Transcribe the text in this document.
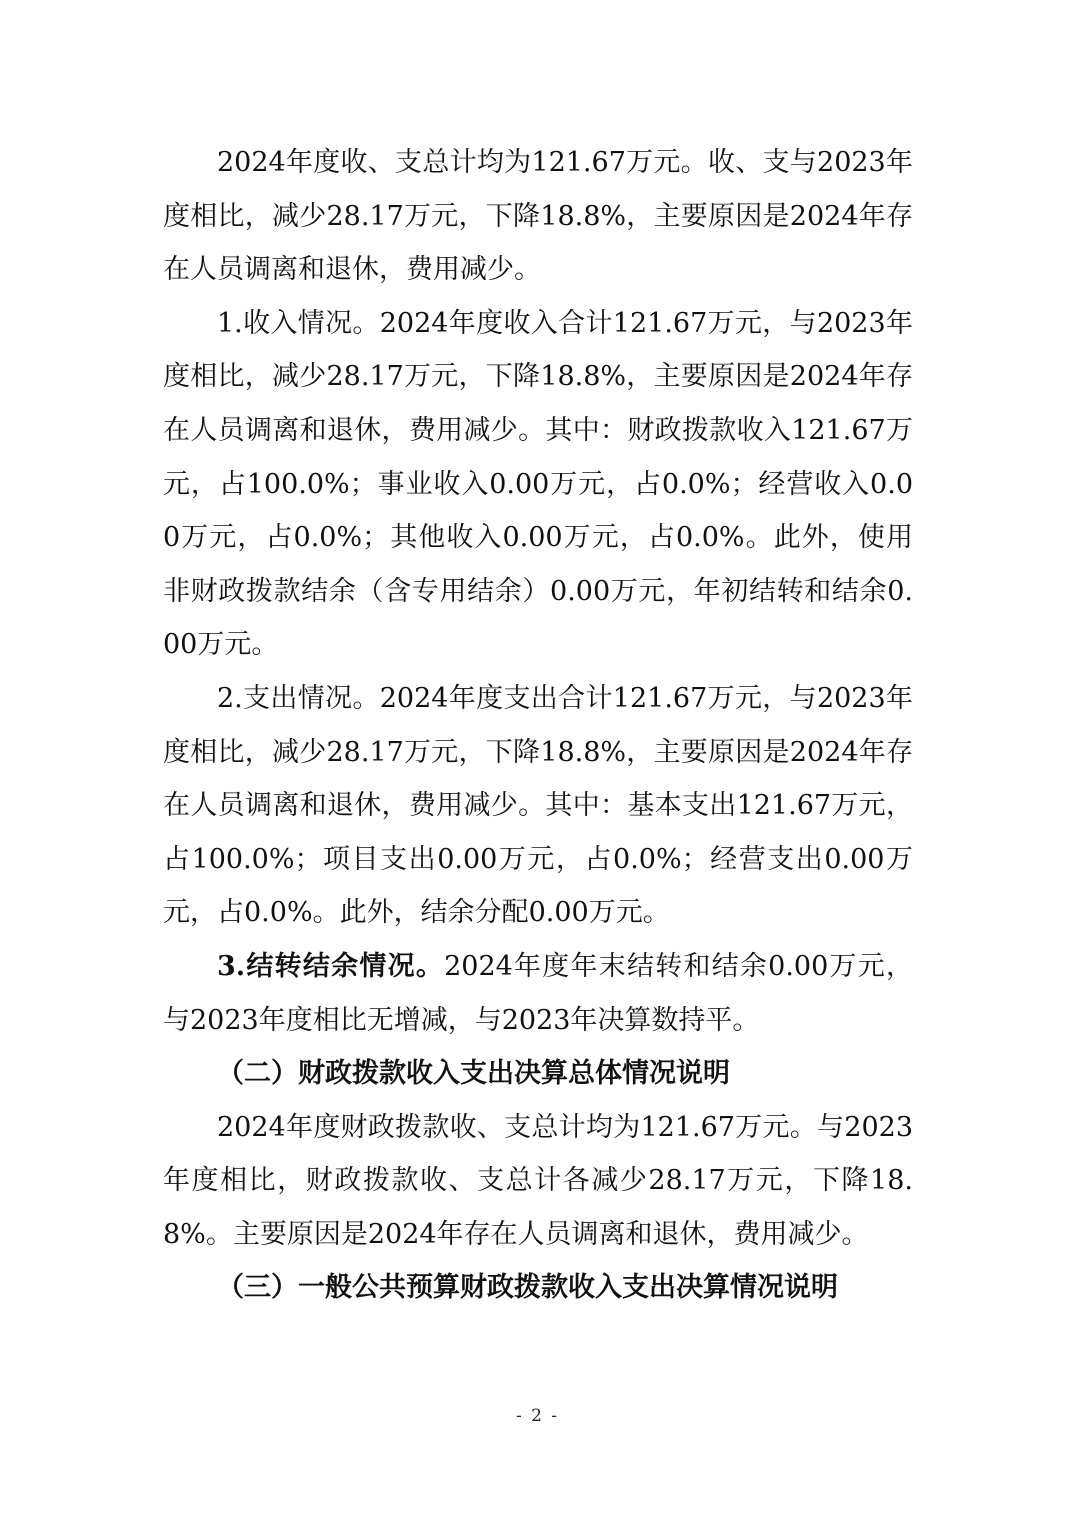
2024年度收、支总计均为121.67万元。收、支与2023年度相比，减少28.17万元，下降18.8%，主要原因是2024年存在人员调离和退休，费用减少。

1.收入情况。2024年度收入合计121.67万元，与2023年度相比，减少28.17万元，下降18.8%，主要原因是2024年存在人员调离和退休，费用减少。其中：财政拨款收入121.67万元，占100.0%；事业收入0.00万元，占0.0%；经营收入0.00万元，占0.0%；其他收入0.00万元，占0.0%。此外，使用非财政拨款结余（含专用结余）0.00万元，年初结转和结余0.00万元。

2.支出情况。2024年度支出合计121.67万元，与2023年度相比，减少28.17万元，下降18.8%，主要原因是2024年存在人员调离和退休，费用减少。其中：基本支出121.67万元，占100.0%；项目支出0.00万元，占0.0%；经营支出0.00万元，占0.0%。此外，结余分配0.00万元。

3.结转结余情况。2024年度年末结转和结余0.00万元，与2023年度相比无增减，与2023年决算数持平。

（二）财政拨款收入支出决算总体情况说明

2024年度财政拨款收、支总计均为121.67万元。与2023年度相比，财政拨款收、支总计各减少28.17万元，下降18.8%。主要原因是2024年存在人员调离和退休，费用减少。

（三）一般公共预算财政拨款收入支出决算情况说明

- 2 -
